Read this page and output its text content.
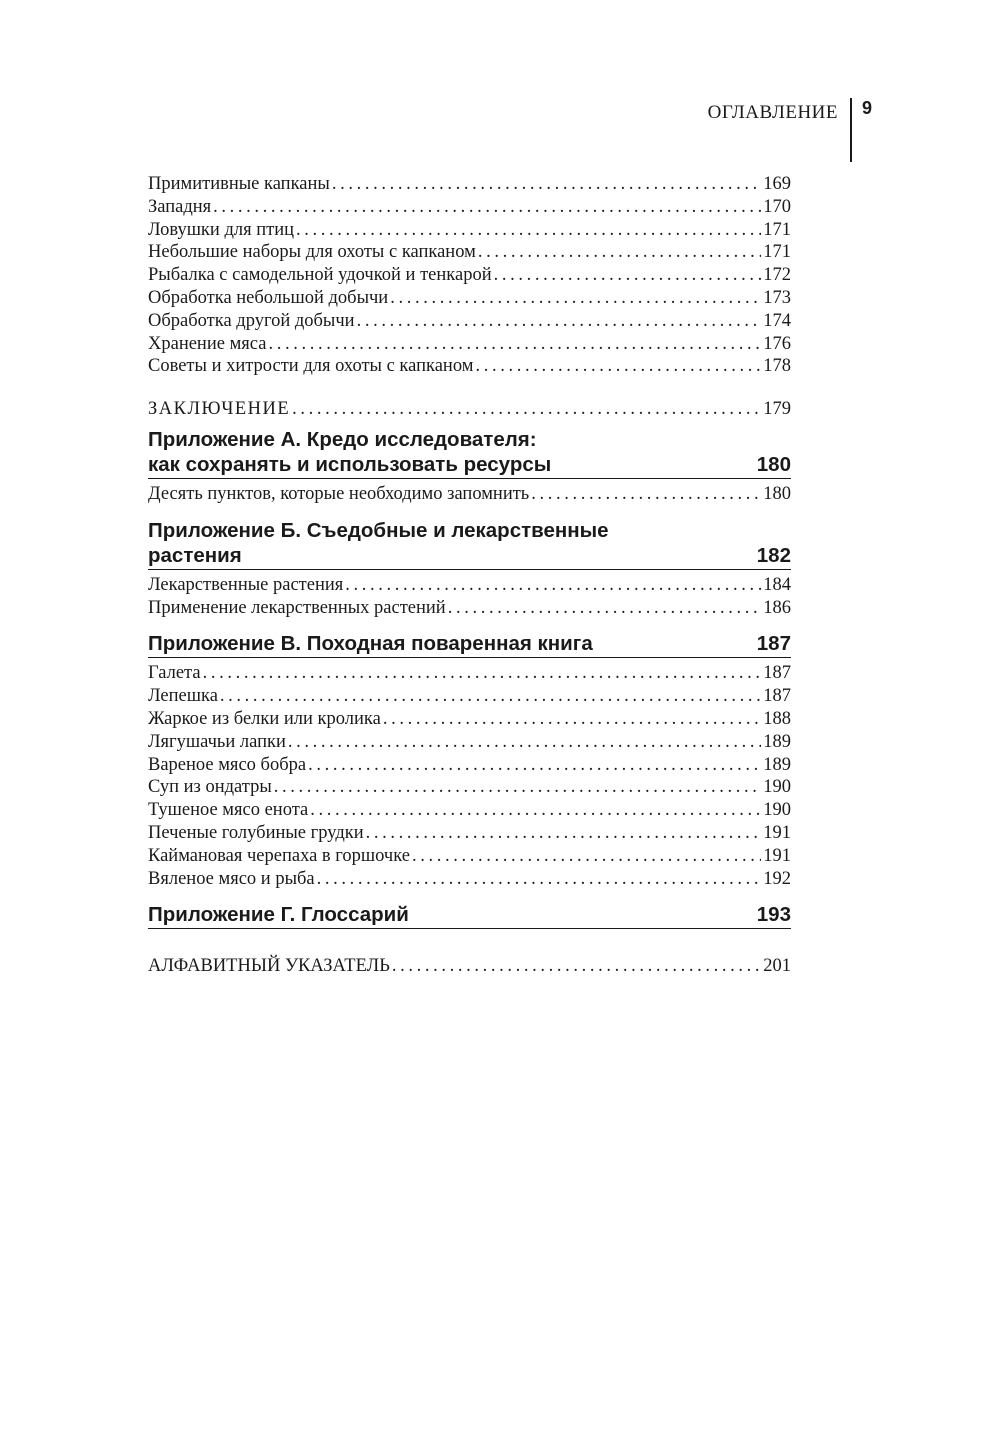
ОГЛАВЛЕНИЕ 9
Примитивные капканы . . .	169
Западня . . .	170
Ловушки для птиц . . .	171
Небольшие наборы для охоты с капканом . . .	171
Рыбалка с самодельной удочкой и тенкарой . . .	172
Обработка небольшой добычи . . .	173
Обработка другой добычи . . .	174
Хранение мяса . . .	176
Советы и хитрости для охоты с капканом . . .	178
ЗАКЛЮЧЕНИЕ . . .	179
Приложение А. Кредо исследователя:
как сохранять и использовать ресурсы	180
Десять пунктов, которые необходимо запомнить . . .	180
Приложение Б. Съедобные и лекарственные
растения	182
Лекарственные растения . . .	184
Применение лекарственных растений . . .	186
Приложение В. Походная поваренная книга	187
Галета . . .	187
Лепешка . . .	187
Жаркое из белки или кролика . . .	188
Лягушачьи лапки . . .	189
Вареное мясо бобра . . .	189
Суп из ондатры . . .	190
Тушеное мясо енота . . .	190
Печеные голубиные грудки . . .	191
Каймановая черепаха в горшочке . . .	191
Вяленое мясо и рыба . . .	192
Приложение Г. Глоссарий	193
АЛФАВИТНЫЙ УКАЗАТЕЛЬ . . .	201
